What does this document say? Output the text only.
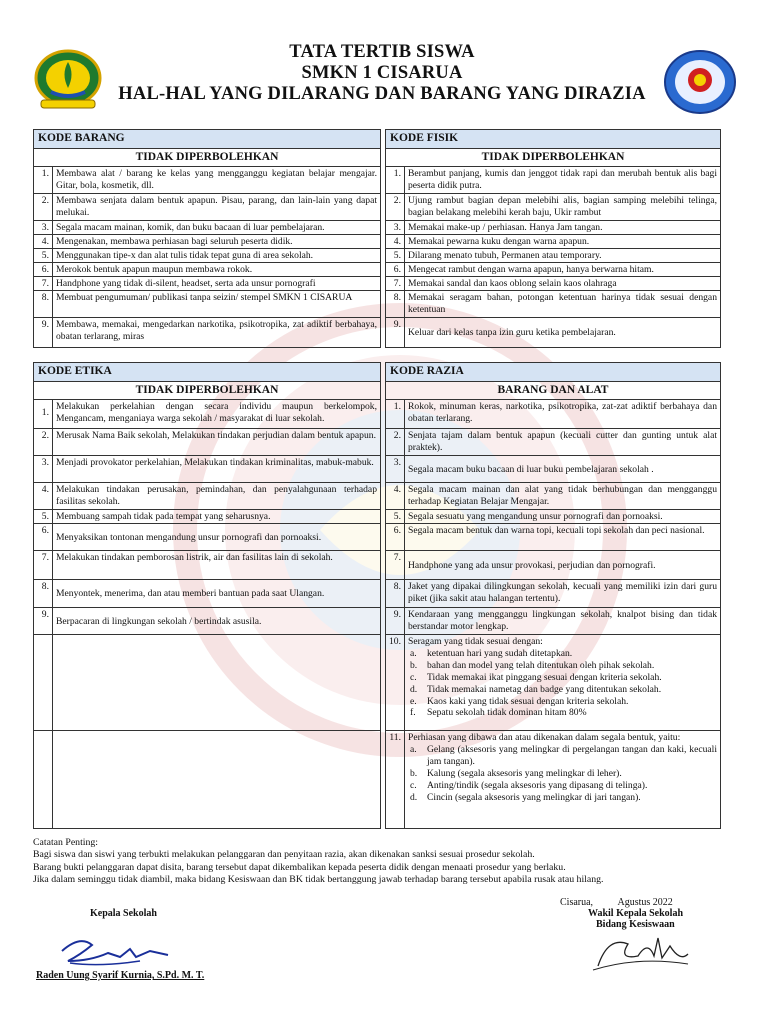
TATA TERTIB SISWA
SMKN 1 CISARUA
HAL-HAL YANG DILARANG DAN BARANG YANG DIRAZIA
KODE BARANG
TIDAK DIPERBOLEHKAN
1. Membawa alat / barang ke kelas yang mengganggu kegiatan belajar mengajar. Gitar, bola, kosmetik, dll.
2. Membawa senjata dalam bentuk apapun. Pisau, parang, dan lain-lain yang dapat melukai.
3. Segala macam mainan, komik, dan buku bacaan di luar pembelajaran.
4. Mengenakan, membawa perhiasan bagi seluruh peserta didik.
5. Menggunakan tipe-x dan alat tulis tidak tepat guna di area sekolah.
6. Merokok bentuk apapun maupun membawa rokok.
7. Handphone yang tidak di-silent, headset, serta ada unsur pornografi
8. Membuat pengumuman/ publikasi tanpa seizin/ stempel SMKN 1 CISARUA
9. Membawa, memakai, mengedarkan narkotika, psikotropika, zat adiktif berbahaya, obatan terlarang, miras
KODE FISIK
TIDAK DIPERBOLEHKAN
1. Berambut panjang, kumis dan jenggot tidak rapi dan merubah bentuk alis bagi peserta didik putra.
2. Ujung rambut bagian depan melebihi alis, bagian samping melebihi telinga, bagian belakang melebihi kerah baju, Ukir rambut
3. Memakai make-up / perhiasan. Hanya Jam tangan.
4. Memakai pewarna kuku dengan warna apapun.
5. Dilarang menato tubuh, Permanen atau temporary.
6. Mengecat rambut dengan warna apapun, hanya berwarna hitam.
7. Memakai sandal dan kaos oblong selain kaos olahraga
8. Memakai seragam bahan, potongan ketentuan harinya tidak sesuai dengan ketentuan
9.
Keluar dari kelas tanpa izin guru ketika pembelajaran.
KODE ETIKA
TIDAK DIPERBOLEHKAN
1.
Melakukan perkelahian dengan secara individu maupun berkelompok, Mengancam, menganiaya warga sekolah / masyarakat di luar sekolah.
2. Merusak Nama Baik sekolah, Melakukan tindakan perjudian dalam bentuk apapun.
3. Menjadi provokator perkelahian, Melakukan tindakan kriminalitas, mabuk-mabuk.
4. Melakukan tindakan perusakan, pemindahan, dan penyalahgunaan terhadap fasilitas sekolah.
5. Membuang sampah tidak pada tempat yang seharusnya.
6.
Menyaksikan tontonan mengandung unsur pornografi dan pornoaksi.
7. Melakukan tindakan pemborosan listrik, air dan fasilitas lain di sekolah.
8.
Menyontek, menerima, dan atau memberi bantuan pada saat Ulangan.
9.
Berpacaran di lingkungan sekolah / bertindak asusila.
KODE RAZIA
BARANG DAN ALAT
1. Rokok, minuman keras, narkotika, psikotropika, zat-zat adiktif berbahaya dan obatan terlarang.
2. Senjata tajam dalam bentuk apapun (kecuali cutter dan gunting untuk alat praktek).
3.
Segala macam buku bacaan di luar buku pembelajaran sekolah .
4. Segala macam mainan dan alat yang tidak berhubungan dan mengganggu terhadap Kegiatan Belajar Mengajar.
5. Segala sesuatu yang mengandung unsur pornografi dan pornoaksi.
6. Segala macam bentuk dan warna topi, kecuali topi sekolah dan peci nasional.
7.
Handphone yang ada unsur provokasi, perjudian dan pornografi.
8. Jaket yang dipakai dilingkungan sekolah, kecuali yang memiliki izin dari guru piket (jika sakit atau halangan tertentu).
9. Kendaraan yang mengganggu lingkungan sekolah, knalpot bising dan tidak berstandar motor lengkap.
10. Seragam yang tidak sesuai dengan:
a.	ketentuan hari yang sudah ditetapkan.
b.	bahan dan model yang telah ditentukan oleh pihak sekolah.
c.	Tidak memakai ikat pinggang sesuai dengan kriteria sekolah.
d.	Tidak memakai nametag dan badge yang ditentukan sekolah.
e.	Kaos kaki yang tidak sesuai dengan kriteria sekolah.
f.	Sepatu sekolah tidak dominan hitam 80%
11. Perhiasan yang dibawa dan atau dikenakan dalam segala bentuk, yaitu:
a.	Gelang (aksesoris yang melingkar di pergelangan tangan dan kaki, kecuali jam tangan).
b.	Kalung (segala aksesoris yang melingkar di leher).
c.	Anting/tindik (segala aksesoris yang dipasang di telinga).
d.	Cincin (segala aksesoris yang melingkar di jari tangan).
Catatan Penting:
Bagi siswa dan siswi yang terbukti melakukan pelanggaran dan penyitaan razia, akan dikenakan sanksi sesuai prosedur sekolah.
Barang bukti pelanggaran dapat disita, barang tersebut dapat dikembalikan kepada peserta didik dengan menaati prosedur yang berlaku.
Jika dalam seminggu tidak diambil, maka bidang Kesiswaan dan BK tidak bertanggung jawab terhadap barang tersebut apabila rusak atau hilang.
Kepala Sekolah
Raden Uung Syarif Kurnia, S.Pd. M. T.
Cisarua,          Agustus 2022
Wakil Kepala Sekolah
Bidang Kesiswaan
